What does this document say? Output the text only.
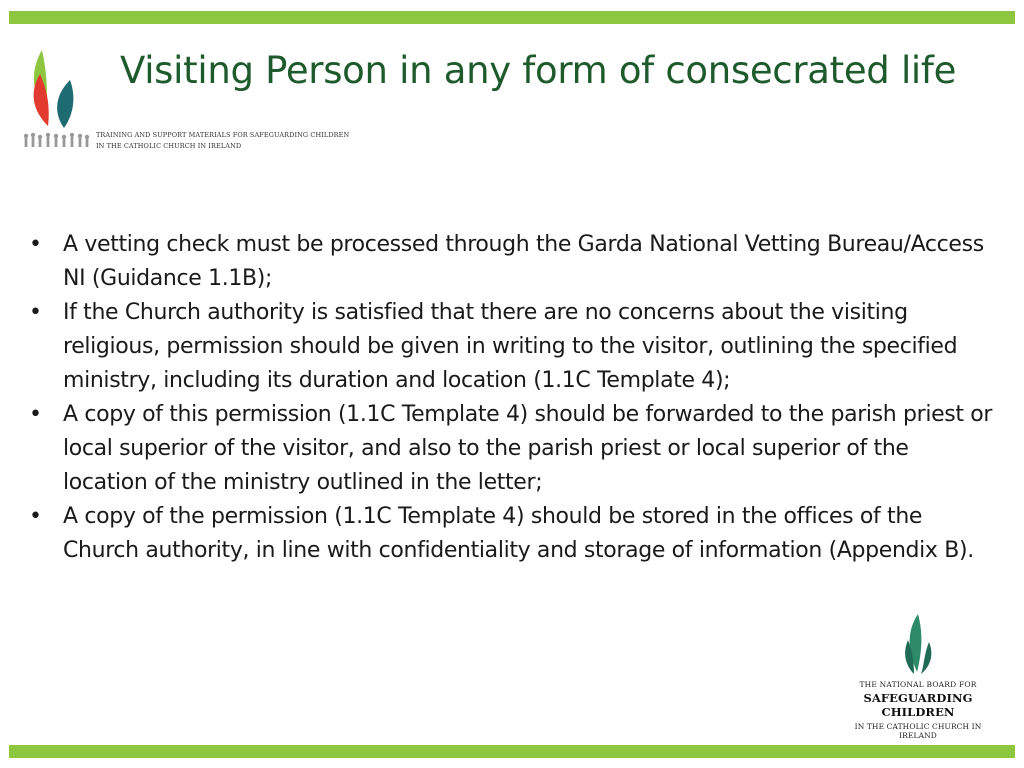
TRAINING AND SUPPORT MATERIALS FOR SAFEGUARDING CHILDREN
IN THE CATHOLIC CHURCH IN IRELAND
Visiting Person in any form of consecrated life
• A vetting check must be processed through the Garda National Vetting Bureau/Access NI (Guidance 1.1B);
• If the Church authority is satisfied that there are no concerns about the visiting religious, permission should be given in writing to the visitor, outlining the specified ministry, including its duration and location (1.1C Template 4);
• A copy of this permission (1.1C Template 4) should be forwarded to the parish priest or local superior of the visitor, and also to the parish priest or local superior of the location of the ministry outlined in the letter;
• A copy of the permission (1.1C Template 4) should be stored in the offices of the Church authority, in line with confidentiality and storage of information (Appendix B).
THE NATIONAL BOARD FOR
SAFEGUARDING CHILDREN
IN THE CATHOLIC CHURCH IN IRELAND
